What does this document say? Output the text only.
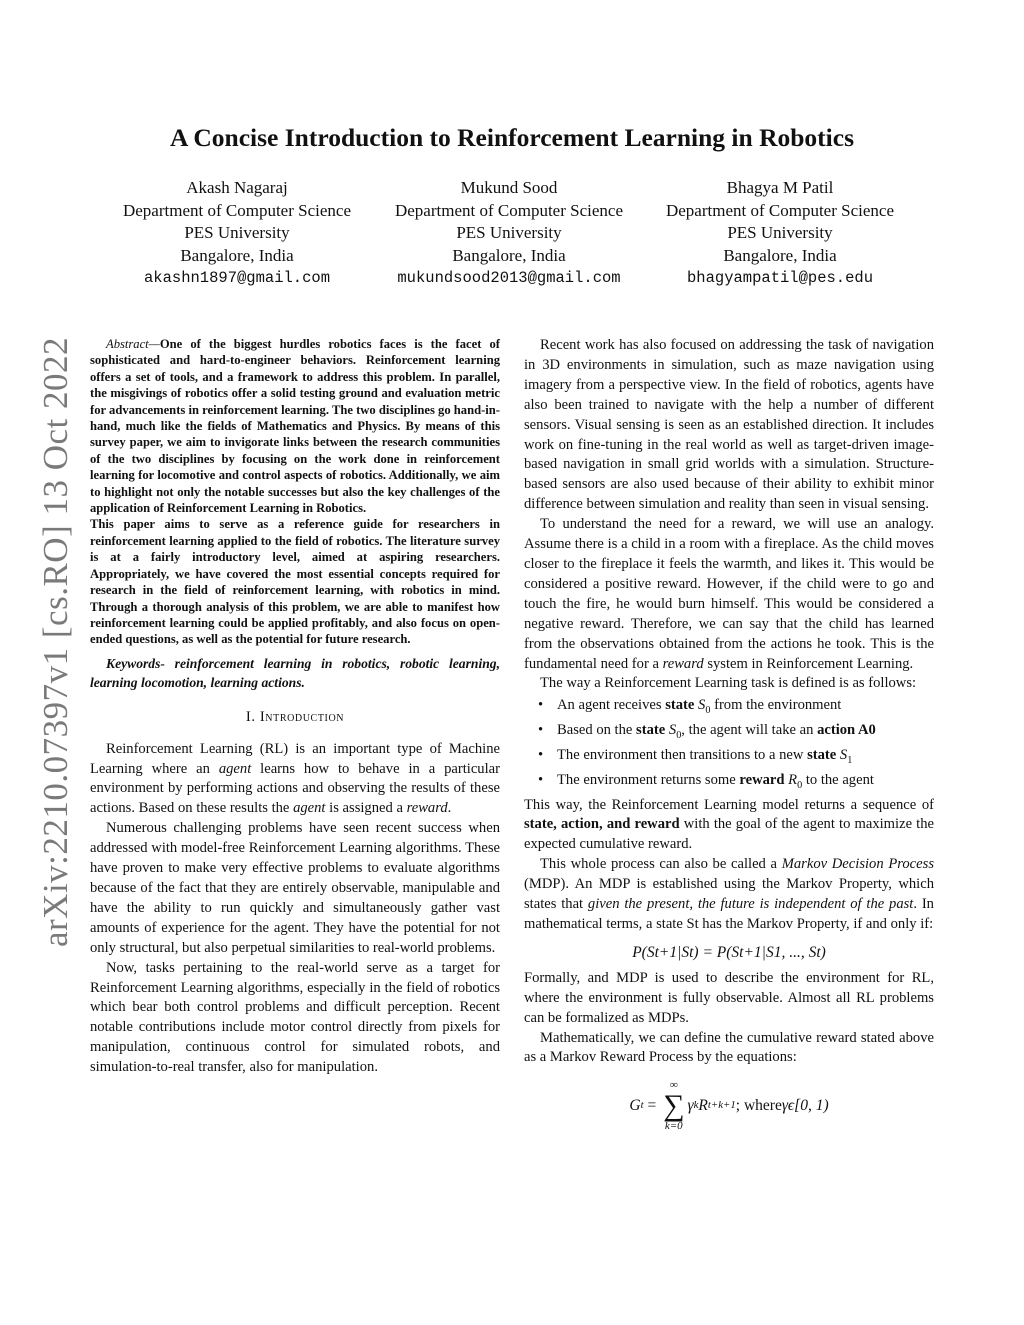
arXiv:2210.07397v1 [cs.RO] 13 Oct 2022
A Concise Introduction to Reinforcement Learning in Robotics
Akash Nagaraj
Department of Computer Science
PES University
Bangalore, India
akashn1897@gmail.com
Mukund Sood
Department of Computer Science
PES University
Bangalore, India
mukundsood2013@gmail.com
Bhagya M Patil
Department of Computer Science
PES University
Bangalore, India
bhagyampatil@pes.edu

Abstract—One of the biggest hurdles robotics faces is the facet of sophisticated and hard-to-engineer behaviors. Reinforcement learning offers a set of tools, and a framework to address this problem. In parallel, the misgivings of robotics offer a solid testing ground and evaluation metric for advancements in reinforcement learning. The two disciplines go hand-in-hand, much like the fields of Mathematics and Physics. By means of this survey paper, we aim to invigorate links between the research communities of the two disciplines by focusing on the work done in reinforcement learning for locomotive and control aspects of robotics. Additionally, we aim to highlight not only the notable successes but also the key challenges of the application of Reinforcement Learning in Robotics.

This paper aims to serve as a reference guide for researchers in reinforcement learning applied to the field of robotics. The literature survey is at a fairly introductory level, aimed at aspiring researchers. Appropriately, we have covered the most essential concepts required for research in the field of reinforcement learning, with robotics in mind. Through a thorough analysis of this problem, we are able to manifest how reinforcement learning could be applied profitably, and also focus on open-ended questions, as well as the potential for future research.

Keywords- reinforcement learning in robotics, robotic learning, learning locomotion, learning actions.

I. Introduction

Reinforcement Learning (RL) is an important type of Machine Learning where an agent learns how to behave in a particular environment by performing actions and observing the results of these actions. Based on these results the agent is assigned a reward.

Numerous challenging problems have seen recent success when addressed with model-free Reinforcement Learning algorithms. These have proven to make very effective problems to evaluate algorithms because of the fact that they are entirely observable, manipulable and have the ability to run quickly and simultaneously gather vast amounts of experience for the agent. They have the potential for not only structural, but also perpetual similarities to real-world problems.

Now, tasks pertaining to the real-world serve as a target for Reinforcement Learning algorithms, especially in the field of robotics which bear both control problems and difficult perception. Recent notable contributions include motor control directly from pixels for manipulation, continuous control for simulated robots, and simulation-to-real transfer, also for manipulation.

Recent work has also focused on addressing the task of navigation in 3D environments in simulation, such as maze navigation using imagery from a perspective view. In the field of robotics, agents have also been trained to navigate with the help a number of different sensors. Visual sensing is seen as an established direction. It includes work on fine-tuning in the real world as well as target-driven image-based navigation in small grid worlds with a simulation. Structure-based sensors are also used because of their ability to exhibit minor difference between simulation and reality than seen in visual sensing.

To understand the need for a reward, we will use an analogy. Assume there is a child in a room with a fireplace. As the child moves closer to the fireplace it feels the warmth, and likes it. This would be considered a positive reward. However, if the child were to go and touch the fire, he would burn himself. This would be considered a negative reward. Therefore, we can say that the child has learned from the observations obtained from the actions he took. This is the fundamental need for a reward system in Reinforcement Learning.

The way a Reinforcement Learning task is defined is as follows:

• An agent receives state $S_0$ from the environment
• Based on the state $S_0$, the agent will take an action A0
• The environment then transitions to a new state $S_1$
• The environment returns some reward $R_0$ to the agent

This way, the Reinforcement Learning model returns a sequence of state, action, and reward with the goal of the agent to maximize the expected cumulative reward.

This whole process can also be called a Markov Decision Process (MDP). An MDP is established using the Markov Property, which states that given the present, the future is independent of the past. In mathematical terms, a state St has the Markov Property, if and only if:

P(St+1|St) = P(St+1|S1, ..., St)

Formally, and MDP is used to describe the environment for RL, where the environment is fully observable. Almost all RL problems can be formalized as MDPs.

Mathematically, we can define the cumulative reward stated above as a Markov Reward Process by the equations:

G t =
∞
∑
k=0
γ k R t+k+1 ; where γϵ[0, 1)
